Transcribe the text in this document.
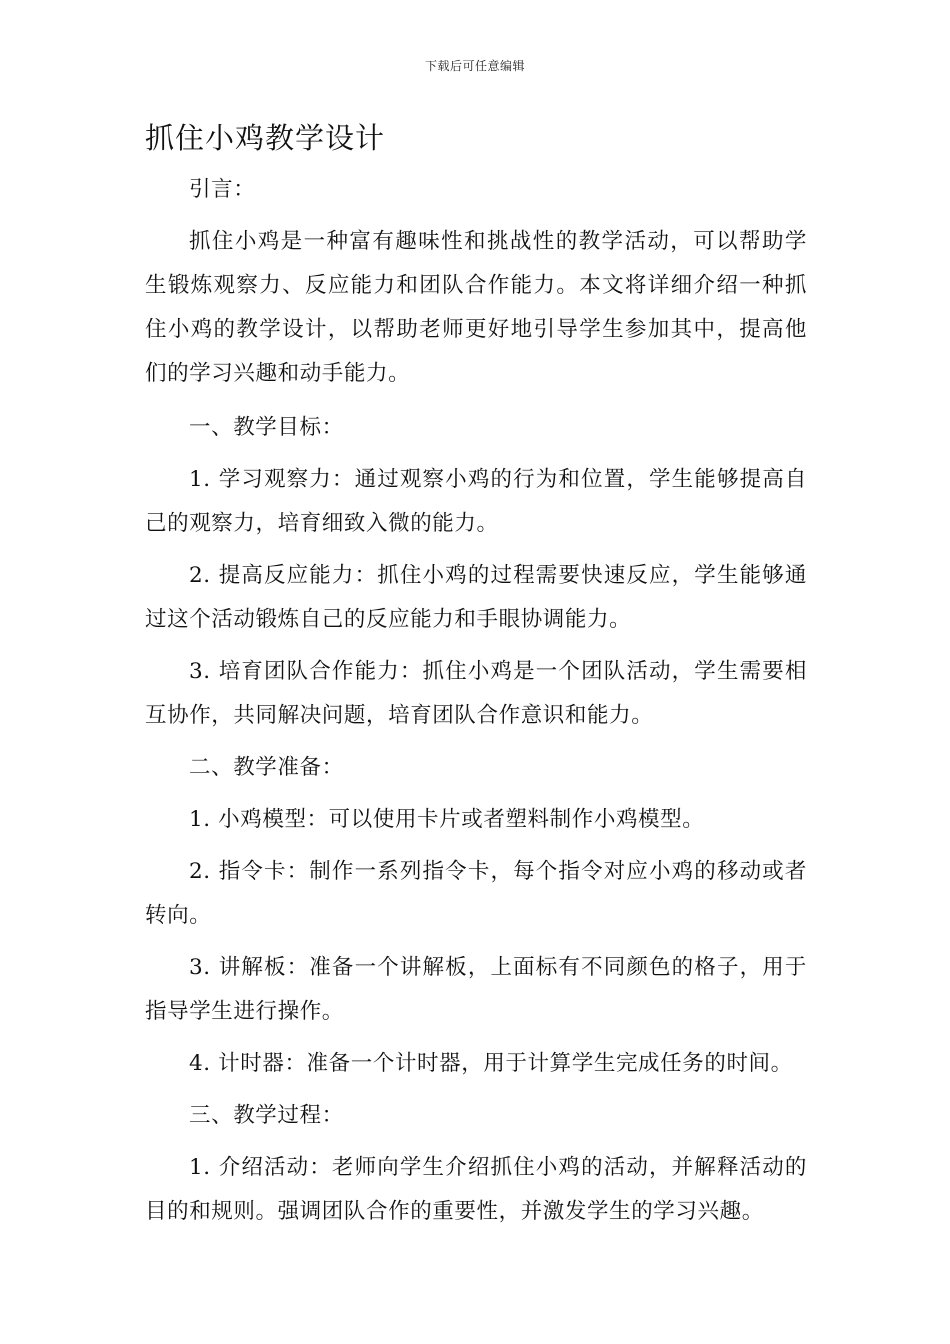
下载后可任意编辑
抓住小鸡教学设计

引言：

抓住小鸡是一种富有趣味性和挑战性的教学活动，可以帮助学生锻炼观察力、反应能力和团队合作能力。本文将详细介绍一种抓住小鸡的教学设计，以帮助老师更好地引导学生参加其中，提高他们的学习兴趣和动手能力。

一、教学目标：

1. 学习观察力：通过观察小鸡的行为和位置，学生能够提高自己的观察力，培育细致入微的能力。

2. 提高反应能力：抓住小鸡的过程需要快速反应，学生能够通过这个活动锻炼自己的反应能力和手眼协调能力。

3. 培育团队合作能力：抓住小鸡是一个团队活动，学生需要相互协作，共同解决问题，培育团队合作意识和能力。

二、教学准备：

1. 小鸡模型：可以使用卡片或者塑料制作小鸡模型。

2. 指令卡：制作一系列指令卡，每个指令对应小鸡的移动或者转向。

3. 讲解板：准备一个讲解板，上面标有不同颜色的格子，用于指导学生进行操作。

4. 计时器：准备一个计时器，用于计算学生完成任务的时间。

三、教学过程：

1. 介绍活动：老师向学生介绍抓住小鸡的活动，并解释活动的目的和规则。强调团队合作的重要性，并激发学生的学习兴趣。
